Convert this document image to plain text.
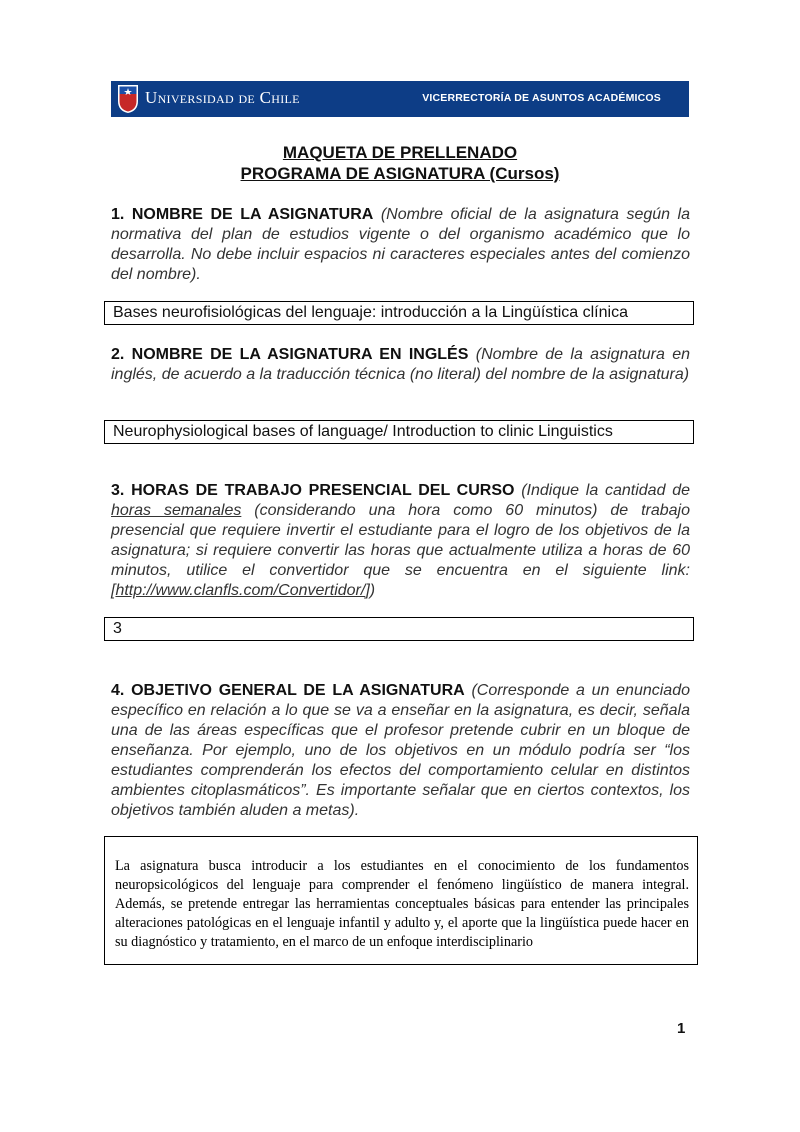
Universidad de Chile	VICERRECTORÍA DE ASUNTOS ACADÉMICOS
MAQUETA DE PRELLENADO
PROGRAMA DE ASIGNATURA (Cursos)
1. NOMBRE DE LA ASIGNATURA (Nombre oficial de la asignatura según la normativa del plan de estudios vigente o del organismo académico que lo desarrolla. No debe incluir espacios ni caracteres especiales antes del comienzo del nombre).
Bases neurofisiológicas del lenguaje: introducción a la Lingüística clínica
2. NOMBRE DE LA ASIGNATURA EN INGLÉS (Nombre de la asignatura en inglés, de acuerdo a la traducción técnica (no literal) del nombre de la asignatura)
Neurophysiological bases of language/ Introduction to clinic Linguistics
3. HORAS DE TRABAJO PRESENCIAL DEL CURSO (Indique la cantidad de horas semanales (considerando una hora como 60 minutos) de trabajo presencial que requiere invertir el estudiante para el logro de los objetivos de la asignatura; si requiere convertir las horas que actualmente utiliza a horas de 60 minutos, utilice el convertidor que se encuentra en el siguiente link: [http://www.clanfls.com/Convertidor/])
3
4. OBJETIVO GENERAL DE LA ASIGNATURA (Corresponde a un enunciado específico en relación a lo que se va a enseñar en la asignatura, es decir, señala una de las áreas específicas que el profesor pretende cubrir en un bloque de enseñanza. Por ejemplo, uno de los objetivos en un módulo podría ser “los estudiantes comprenderán los efectos del comportamiento celular en distintos ambientes citoplasmáticos”. Es importante señalar que en ciertos contextos, los objetivos también aluden a metas).
La asignatura busca introducir a los estudiantes en el conocimiento de los fundamentos neuropsicológicos del lenguaje para comprender el fenómeno lingüístico de manera integral. Además, se pretende entregar las herramientas conceptuales básicas para entender las principales alteraciones patológicas en el lenguaje infantil y adulto y, el aporte que la lingüística puede hacer en su diagnóstico y tratamiento, en el marco de un enfoque interdisciplinario
1
